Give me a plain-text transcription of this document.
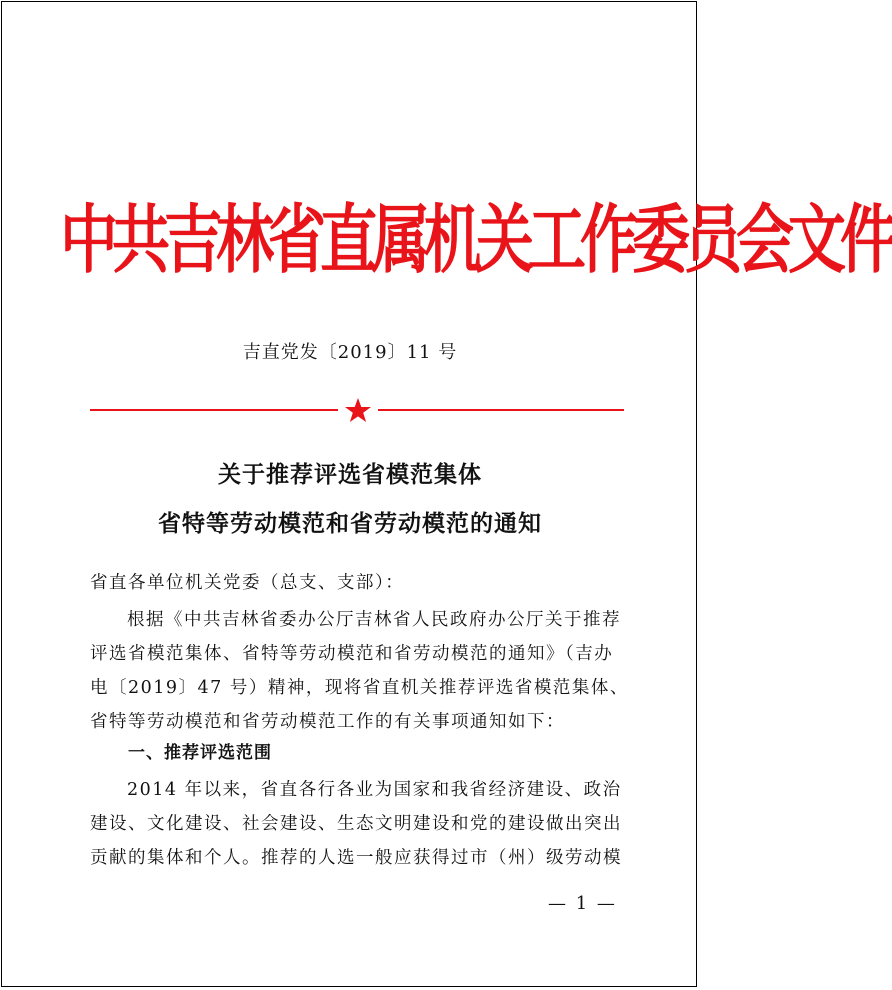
中共吉林省直属机关工作委员会文件
吉直党发〔2019〕11 号
关于推荐评选省模范集体
省特等劳动模范和省劳动模范的通知
省直各单位机关党委（总支、支部）：
根据《中共吉林省委办公厅吉林省人民政府办公厅关于推荐评选省模范集体、省特等劳动模范和省劳动模范的通知》（吉办电〔2019〕47 号）精神，现将省直机关推荐评选省模范集体、省特等劳动模范和省劳动模范工作的有关事项通知如下：
一、推荐评选范围
2014 年以来，省直各行各业为国家和我省经济建设、政治建设、文化建设、社会建设、生态文明建设和党的建设做出突出贡献的集体和个人。推荐的人选一般应获得过市（州）级劳动模
— 1 —
